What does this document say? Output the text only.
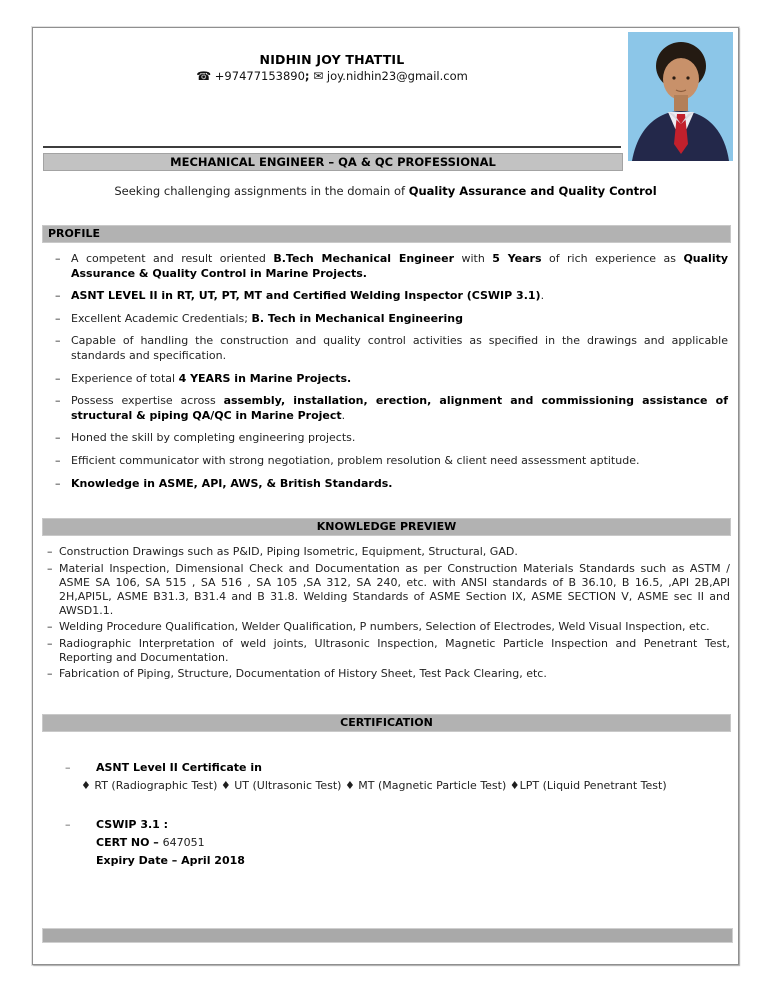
NIDHIN JOY THATTIL
☎ +97477153890; ✉ joy.nidhin23@gmail.com
MECHANICAL ENGINEER – QA & QC PROFESSIONAL
Seeking challenging assignments in the domain of Quality Assurance and Quality Control
PROFILE
– A competent and result oriented B.Tech Mechanical Engineer with 5 Years of rich experience as Quality Assurance & Quality Control in Marine Projects.
– ASNT LEVEL II in RT, UT, PT, MT and Certified Welding Inspector (CSWIP 3.1).
– Excellent Academic Credentials; B. Tech in Mechanical Engineering
– Capable of handling the construction and quality control activities as specified in the drawings and applicable standards and specification.
– Experience of total 4 YEARS in Marine Projects.
– Possess expertise across assembly, installation, erection, alignment and commissioning assistance of structural & piping QA/QC in Marine Project.
– Honed the skill by completing engineering projects.
– Efficient communicator with strong negotiation, problem resolution & client need assessment aptitude.
– Knowledge in ASME, API, AWS, & British Standards.
KNOWLEDGE PREVIEW
– Construction Drawings such as P&ID, Piping Isometric, Equipment, Structural, GAD.
– Material Inspection, Dimensional Check and Documentation as per Construction Materials Standards such as ASTM / ASME SA 106, SA 515 , SA 516 , SA 105 ,SA 312, SA 240, etc. with ANSI standards of B 36.10, B 16.5, ,API 2B,API 2H,API5L, ASME B31.3, B31.4 and B 31.8. Welding Standards of ASME Section IX, ASME SECTION V, ASME sec II and AWSD1.1.
– Welding Procedure Qualification, Welder Qualification, P numbers, Selection of Electrodes, Weld Visual Inspection, etc.
– Radiographic Interpretation of weld joints, Ultrasonic Inspection, Magnetic Particle Inspection and Penetrant Test, Reporting and Documentation.
– Fabrication of Piping, Structure, Documentation of History Sheet, Test Pack Clearing, etc.
CERTIFICATION
–	ASNT Level II Certificate in
♦ RT (Radiographic Test) ♦ UT (Ultrasonic Test) ♦ MT (Magnetic Particle Test) ♦LPT (Liquid Penetrant Test)
–	CSWIP 3.1 :
CERT NO – 647051
Expiry Date – April 2018
